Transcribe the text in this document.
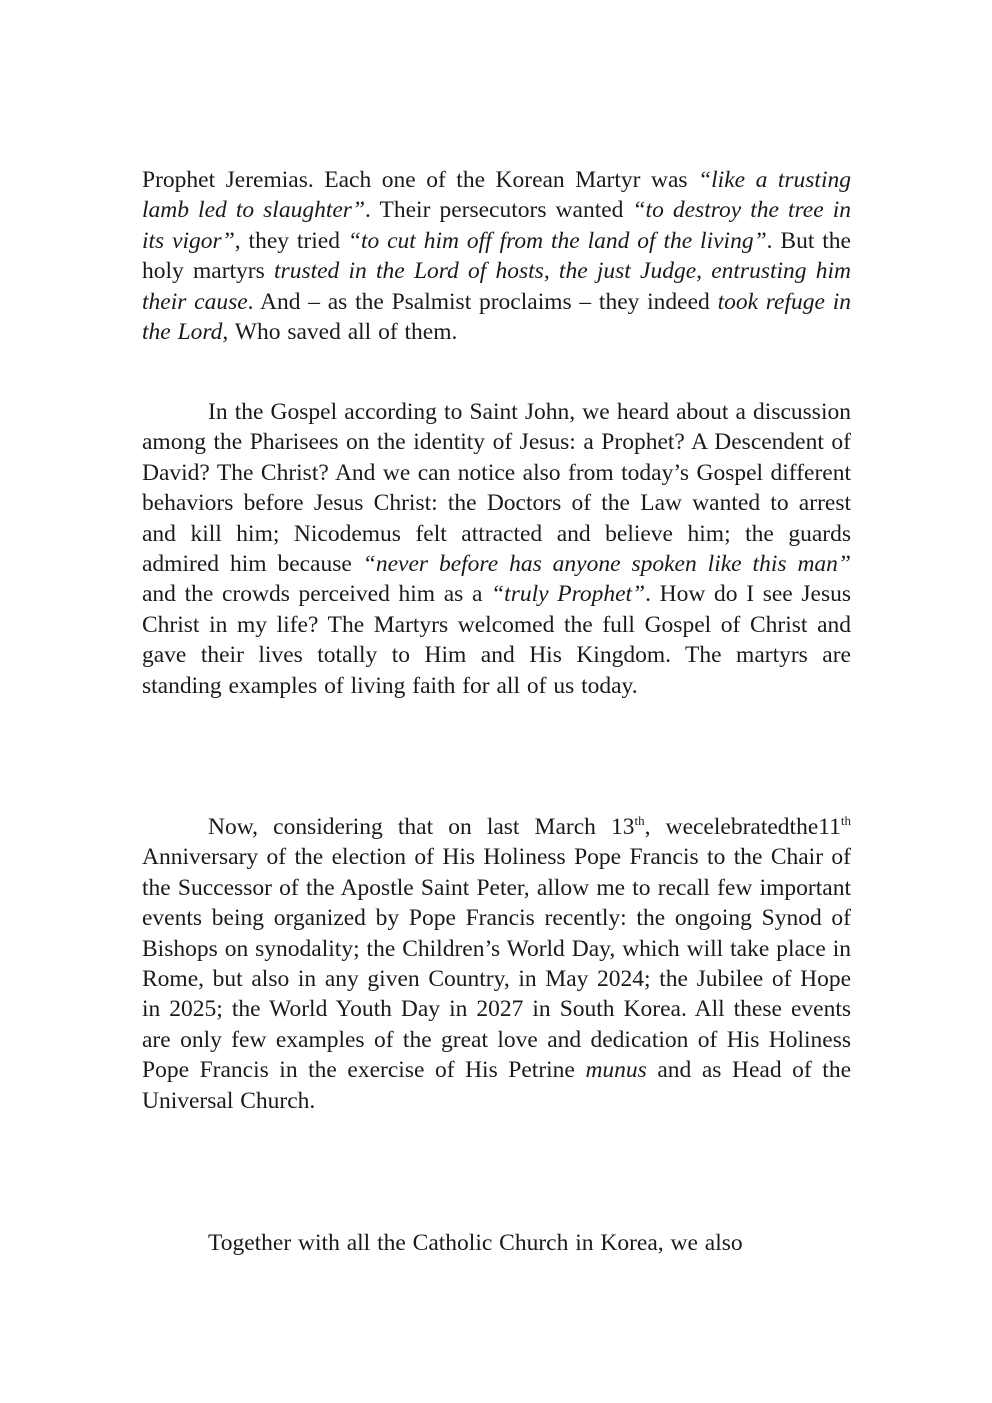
Prophet Jeremias. Each one of the Korean Martyr was “like a trusting lamb led to slaughter”. Their persecutors wanted “to destroy the tree in its vigor”, they tried “to cut him off from the land of the living”. But the holy martyrs trusted in the Lord of hosts, the just Judge, entrusting him their cause. And – as the Psalmist proclaims – they indeed took refuge in the Lord, Who saved all of them.

In the Gospel according to Saint John, we heard about a discussion among the Pharisees on the identity of Jesus: a Prophet? A Descendent of David? The Christ? And we can notice also from today’s Gospel different behaviors before Jesus Christ: the Doctors of the Law wanted to arrest and kill him; Nicodemus felt attracted and believe him; the guards admired him because “never before has anyone spoken like this man” and the crowds perceived him as a “truly Prophet”. How do I see Jesus Christ in my life? The Martyrs welcomed the full Gospel of Christ and gave their lives totally to Him and His Kingdom. The martyrs are standing examples of living faith for all of us today.

Now, considering that on last March 13th, wecelebratedthe11th Anniversary of the election of His Holiness Pope Francis to the Chair of the Successor of the Apostle Saint Peter, allow me to recall few important events being organized by Pope Francis recently: the ongoing Synod of Bishops on synodality; the Children’s World Day, which will take place in Rome, but also in any given Country, in May 2024; the Jubilee of Hope in 2025; the World Youth Day in 2027 in South Korea. All these events are only few examples of the great love and dedication of His Holiness Pope Francis in the exercise of His Petrine munus and as Head of the Universal Church.

Together with all the Catholic Church in Korea, we also
